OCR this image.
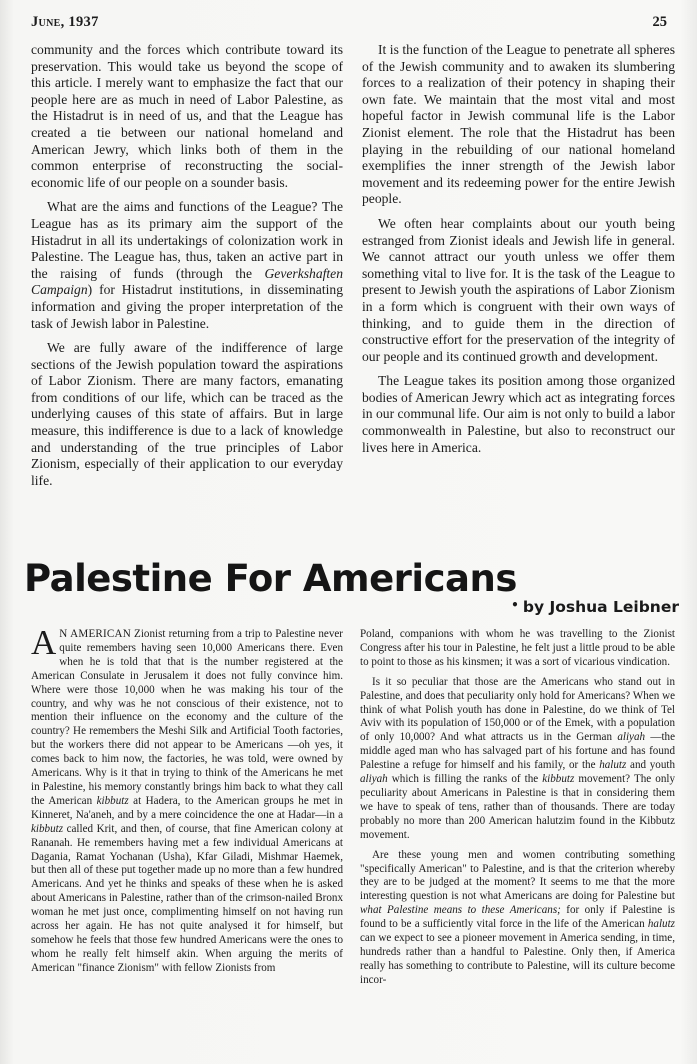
June, 1937	25

community and the forces which contribute toward its preservation. This would take us beyond the scope of this article. I merely want to emphasize the fact that our people here are as much in need of Labor Palestine, as the Histadrut is in need of us, and that the League has created a tie between our national homeland and American Jewry, which links both of them in the common enterprise of reconstructing the social-economic life of our people on a sounder basis.

What are the aims and functions of the League? The League has as its primary aim the support of the Histadrut in all its undertakings of colonization work in Palestine. The League has, thus, taken an active part in the raising of funds (through the Geverkshaften Campaign) for Histadrut institutions, in disseminating information and giving the proper interpretation of the task of Jewish labor in Palestine.

We are fully aware of the indifference of large sections of the Jewish population toward the aspirations of Labor Zionism. There are many factors, emanating from conditions of our life, which can be traced as the underlying causes of this state of affairs. But in large measure, this indifference is due to a lack of knowledge and understanding of the true principles of Labor Zionism, especially of their application to our everyday life.

It is the function of the League to penetrate all spheres of the Jewish community and to awaken its slumbering forces to a realization of their potency in shaping their own fate. We maintain that the most vital and most hopeful factor in Jewish communal life is the Labor Zionist element. The role that the Histadrut has been playing in the rebuilding of our national homeland exemplifies the inner strength of the Jewish labor movement and its redeeming power for the entire Jewish people.

We often hear complaints about our youth being estranged from Zionist ideals and Jewish life in general. We cannot attract our youth unless we offer them something vital to live for. It is the task of the League to present to Jewish youth the aspirations of Labor Zionism in a form which is congruent with their own ways of thinking, and to guide them in the direction of constructive effort for the preservation of the integrity of our people and its continued growth and development.

The League takes its position among those organized bodies of American Jewry which act as integrating forces in our communal life. Our aim is not only to build a labor commonwealth in Palestine, but also to reconstruct our lives here in America.

Palestine For Americans
• by Joshua Leibner

A N AMERICAN Zionist returning from a trip to Palestine never quite remembers having seen 10,000 Americans there. Even when he is told that that is the number registered at the American Consulate in Jerusalem it does not fully convince him. Where were those 10,000 when he was making his tour of the country, and why was he not conscious of their existence, not to mention their influence on the economy and the culture of the country? He remembers the Meshi Silk and Artificial Tooth factories, but the workers there did not appear to be Americans —oh yes, it comes back to him now, the factories, he was told, were owned by Americans. Why is it that in trying to think of the Americans he met in Palestine, his memory constantly brings him back to what they call the American kibbutz at Hadera, to the American groups he met in Kinneret, Na'aneh, and by a mere coincidence the one at Hadar—in a kibbutz called Krit, and then, of course, that fine American colony at Rananah. He remembers having met a few individual Americans at Dagania, Ramat Yochanan (Usha), Kfar Giladi, Mishmar Haemek, but then all of these put together made up no more than a few hundred Americans. And yet he thinks and speaks of these when he is asked about Americans in Palestine, rather than of the crimson-nailed Bronx woman he met just once, complimenting himself on not having run across her again. He has not quite analysed it for himself, but somehow he feels that those few hundred Americans were the ones to whom he really felt himself akin. When arguing the merits of American "finance Zionism" with fellow Zionists from

Poland, companions with whom he was travelling to the Zionist Congress after his tour in Palestine, he felt just a little proud to be able to point to those as his kinsmen; it was a sort of vicarious vindication.

Is it so peculiar that those are the Americans who stand out in Palestine, and does that peculiarity only hold for Americans? When we think of what Polish youth has done in Palestine, do we think of Tel Aviv with its population of 150,000 or of the Emek, with a population of only 10,000? And what attracts us in the German aliyah —the middle aged man who has salvaged part of his fortune and has found Palestine a refuge for himself and his family, or the halutz and youth aliyah which is filling the ranks of the kibbutz movement? The only peculiarity about Americans in Palestine is that in considering them we have to speak of tens, rather than of thousands. There are today probably no more than 200 American halutzim found in the Kibbutz movement.

Are these young men and women contributing something "specifically American" to Palestine, and is that the criterion whereby they are to be judged at the moment? It seems to me that the more interesting question is not what Americans are doing for Palestine but what Palestine means to these Americans; for only if Palestine is found to be a sufficiently vital force in the life of the American halutz can we expect to see a pioneer movement in America sending, in time, hundreds rather than a handful to Palestine. Only then, if America really has something to contribute to Palestine, will its culture become incor-
